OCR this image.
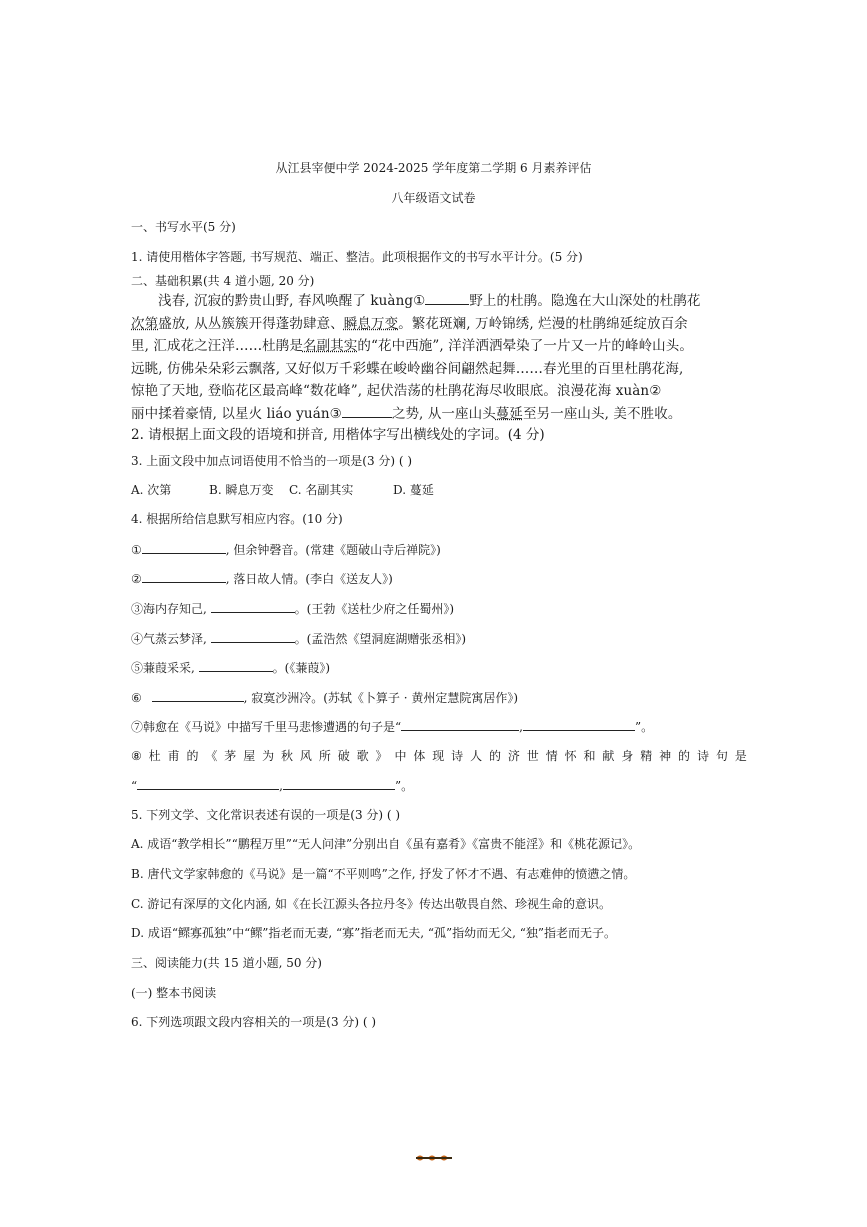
从江县宰便中学 2024-2025 学年度第二学期 6 月素养评估
八年级语文试卷
一、书写水平(5 分)
1. 请使用楷体字答题, 书写规范、端正、整洁。此项根据作文的书写水平计分。(5 分)
二、基础积累(共 4 道小题, 20 分)

浅春, 沉寂的黔贵山野, 春风唤醒了 kuàng①	野上的杜鹃。隐逸在大山深处的杜鹃花

次第盛放, 从丛簇簇开得蓬勃肆意、瞬息万变。繁花斑斓, 万岭锦绣, 烂漫的杜鹃绵延绽放百余

里, 汇成花之汪洋……杜鹃是名副其实的“花中西施”, 洋洋洒洒晕染了一片又一片的峰岭山头。

远眺, 仿佛朵朵彩云飘落, 又好似万千彩蝶在峻岭幽谷间翩然起舞……春光里的百里杜鹃花海,

惊艳了天地, 登临花区最高峰“数花峰”, 起伏浩荡的杜鹃花海尽收眼底。浪漫花海 xuàn②

丽中揉着豪情, 以星火 liáo yuán③	之势, 从一座山头蔓延至另一座山头, 美不胜收。

2. 请根据上面文段的语境和拼音, 用楷体字写出横线处的字词。(4 分)
3. 上面文段中加点词语使用不恰当的一项是(3 分) ( )
A. 次第	B. 瞬息万变 C. 名副其实	D. 蔓延
4. 根据所给信息默写相应内容。(10 分)
①	, 但余钟磬音。(常建《题破山寺后禅院》)
②	, 落日故人情。(李白《送友人》)
③海内存知己,	。(王勃《送杜少府之任蜀州》)
④气蒸云梦泽,	。(孟浩然《望洞庭湖赠张丞相》)
⑤蒹葭采采,	。(《蒹葭》)
⑥	, 寂寞沙洲冷。(苏轼《卜算子 · 黄州定慧院寓居作》)
⑦韩愈在《马说》中描写千里马悲惨遭遇的句子是“	,	”。
⑧ 杜 甫 的 《 茅 屋 为 秋 风 所 破 歌 》 中 体 现 诗 人 的 济 世 情 怀 和 献 身 精 神 的 诗 句 是
“	,	”。
5. 下列文学、文化常识表述有误的一项是(3 分) ( )
A. 成语“教学相长”“鹏程万里”“无人问津”分别出自《虽有嘉肴》《富贵不能淫》和《桃花源记》。
B. 唐代文学家韩愈的《马说》是一篇“不平则鸣”之作, 抒发了怀才不遇、有志难伸的愤懑之情。
C. 游记有深厚的文化内涵, 如《在长江源头各拉丹冬》传达出敬畏自然、珍视生命的意识。
D. 成语“鳏寡孤独”中“鳏”指老而无妻, “寡”指老而无夫, “孤”指幼而无父, “独”指老而无子。
三、阅读能力(共 15 道小题, 50 分)
(一) 整本书阅读
6. 下列选项跟文段内容相关的一项是(3 分) ( )
